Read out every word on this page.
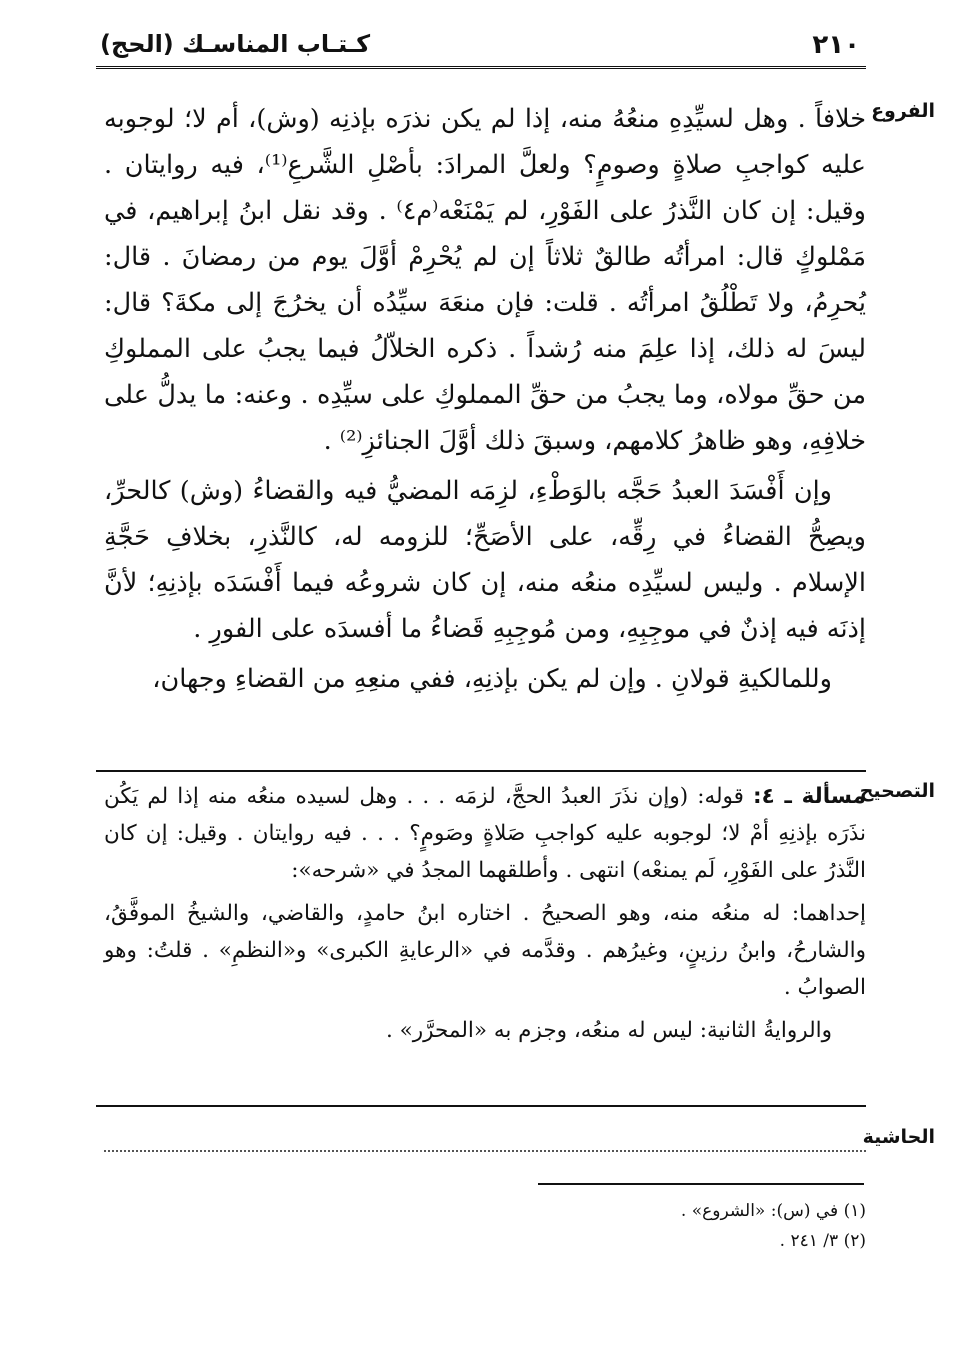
٢١٠
كـتـاب المناسـك (الحج)
الفروع

خلافاً . وهل لسيِّدِهِ منعُهُ منه، إذا لم يكن نذرَه بإذنِه (وش)، أم لا؛ لوجوبه عليه كواجبِ صلاةٍ وصومٍ؟ ولعلَّ المرادَ: بأصْلِ الشَّرعِ⁽¹⁾، فيه روايتان . وقيل: إن كان النَّذرُ على الفَوْرِ، لم يَمْنَعْه⁽م٤⁾ . وقد نقل ابنُ إبراهيم، في مَمْلوكٍ قال: امرأتُه طالقٌ ثلاثاً إن لم يُحْرِمْ أوَّلَ يوم من رمضانَ . قال: يُحرِمُ، ولا تَطْلُقُ امرأتُه . قلت: فإن منعَهَ سيِّدُه أن يخرُجَ إلى مكةَ؟ قال: ليسَ له ذلك، إذا علِمَ منه رُشداً . ذكره الخلاّلُ فيما يجبُ على المملوكِ من حقِّ مولاه، وما يجبُ من حقِّ المملوكِ على سيِّدِه . وعنه: ما يدلُّ على خلافِهِ، وهو ظاهرُ كلامهم، وسبقَ ذلك أوَّلَ الجنائزِ⁽²⁾ .

وإن أَفْسَدَ العبدُ حَجَّه بالوَطْءِ، لزِمَه المضيُّ فيه والقضاءُ (وش) كالحرِّ، ويصِحُّ القضاءُ في رِقِّه، على الأصَحِّ؛ للزومه له، كالنَّذرِ، بخلافِ حَجَّةِ الإسلام . وليس لسيِّدِه منعُه منه، إن كان شروعُه فيما أَفْسَدَه بإذنِهِ؛ لأنَّ إذنَه فيه إذنٌ في موجِبِهِ، ومن مُوجِبِهِ قَضاءُ ما أفسدَه على الفورِ .

وللمالكيةِ قولانِ . وإن لم يكن بإذنِهِ، ففي منعِهِ من القضاءِ وجهان،

التصحيح

مسألة ـ ٤: قوله: (وإن نذَرَ العبدُ الحجَّ، لزمَه . . . وهل لسيده منعُه منه إذا لم يَكُن نذَرَه بإذنِهِ أمْ لا؛ لوجوبه عليه كواجبِ صَلاةٍ وصَومٍ؟ . . . فيه روايتان . وقيل: إن كان النَّذرُ على الفَوْرِ، لَم يمنعْه) انتهى . وأطلقهما المجدُ في «شرحه»:

إحداهما: له منعُه منه، وهو الصحيحُ . اختاره ابنُ حامدٍ، والقاضي، والشيخُ الموفَّقُ، والشارحُ، وابنُ رزينٍ، وغيرُهم . وقدَّمه في «الرعايةِ الكبرى» و«النظمِ» . قلتُ: وهو الصوابُ .

والروايةُ الثانية: ليس له منعُه، وجزم به «المحرَّر» .

الحاشية
(١) في (س): «الشروع» .
(٢) ٣/ ٢٤١ .
